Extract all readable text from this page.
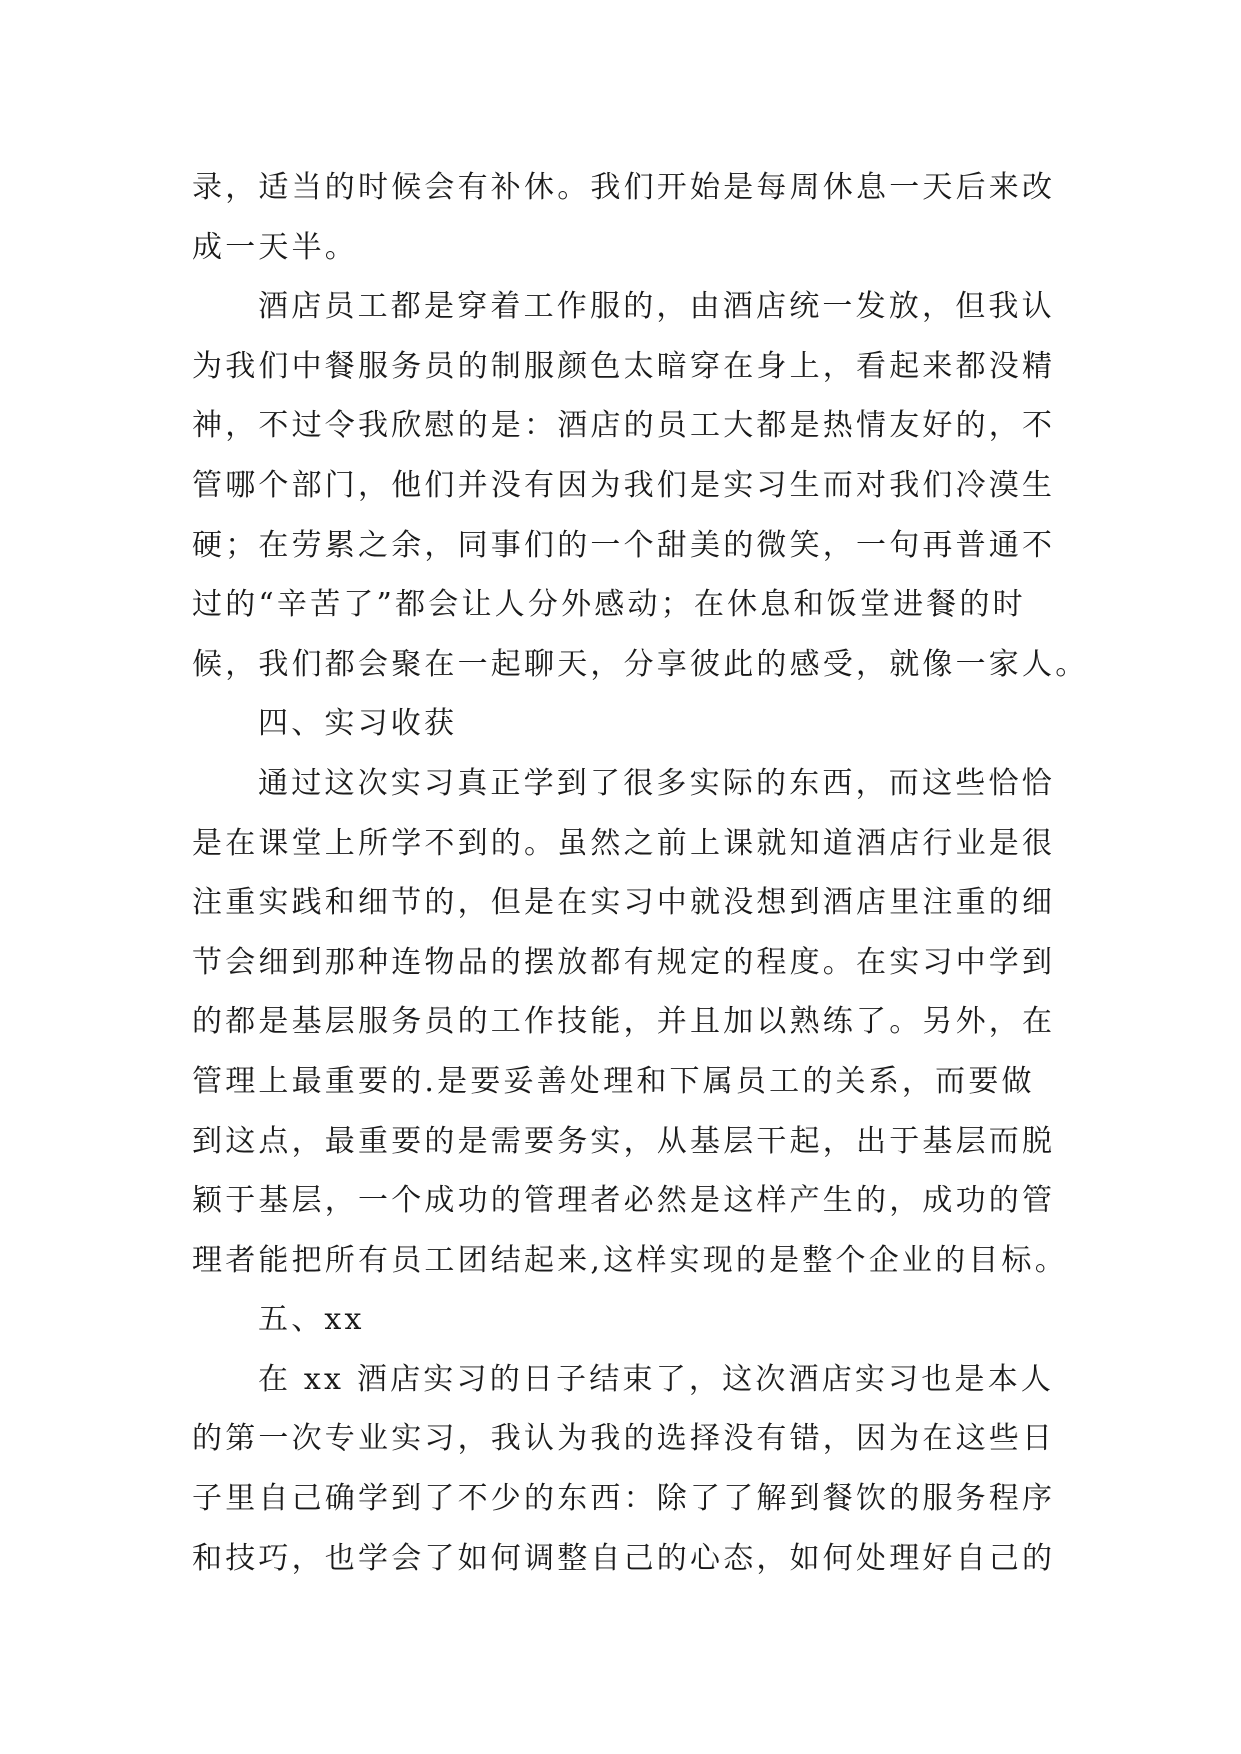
录，适当的时候会有补休。我们开始是每周休息一天后来改
成一天半。
酒店员工都是穿着工作服的，由酒店统一发放，但我认
为我们中餐服务员的制服颜色太暗穿在身上，看起来都没精
神，不过令我欣慰的是：酒店的员工大都是热情友好的，不
管哪个部门，他们并没有因为我们是实习生而对我们冷漠生
硬；在劳累之余，同事们的一个甜美的微笑，一句再普通不
过的“辛苦了”都会让人分外感动；在休息和饭堂进餐的时
候，我们都会聚在一起聊天，分享彼此的感受，就像一家人。
四、实习收获
通过这次实习真正学到了很多实际的东西，而这些恰恰
是在课堂上所学不到的。虽然之前上课就知道酒店行业是很
注重实践和细节的，但是在实习中就没想到酒店里注重的细
节会细到那种连物品的摆放都有规定的程度。在实习中学到
的都是基层服务员的工作技能，并且加以熟练了。另外，在
管理上最重要的.是要妥善处理和下属员工的关系，而要做
到这点，最重要的是需要务实，从基层干起，出于基层而脱
颖于基层，一个成功的管理者必然是这样产生的，成功的管
理者能把所有员工团结起来,这样实现的是整个企业的目标。
五、xx
在 xx 酒店实习的日子结束了，这次酒店实习也是本人
的第一次专业实习，我认为我的选择没有错，因为在这些日
子里自己确学到了不少的东西：除了了解到餐饮的服务程序
和技巧，也学会了如何调整自己的心态，如何处理好自己的
